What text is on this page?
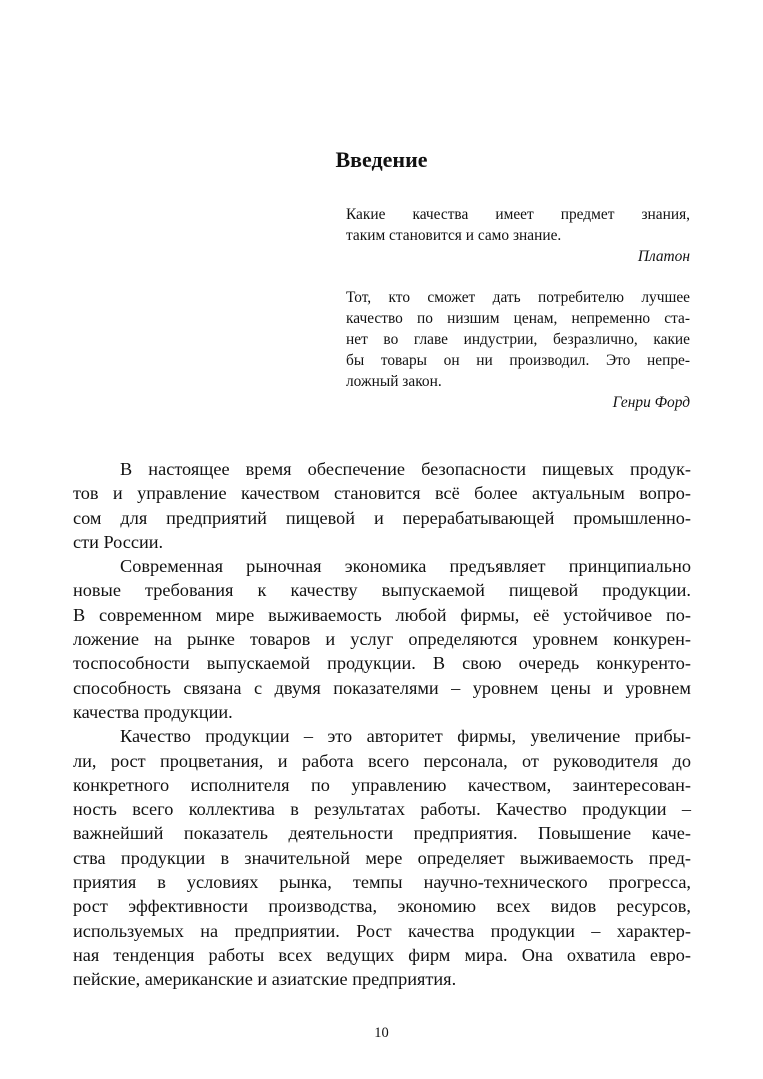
Введение
Какие качества имеет предмет знания,
таким становится и само знание.
Платон
Тот, кто сможет дать потребителю лучшее
качество по низшим ценам, непременно ста-
нет во главе индустрии, безразлично, какие
бы товары он ни производил. Это непре-
ложный закон.
Генри Форд
В настоящее время обеспечение безопасности пищевых продук-
тов и управление качеством становится всё более актуальным вопро-
сом для предприятий пищевой и перерабатывающей промышленно-
сти России.
Современная рыночная экономика предъявляет принципиально
новые требования к качеству выпускаемой пищевой продукции.
В современном мире выживаемость любой фирмы, её устойчивое по-
ложение на рынке товаров и услуг определяются уровнем конкурен-
тоспособности выпускаемой продукции. В свою очередь конкуренто-
способность связана с двумя показателями – уровнем цены и уровнем
качества продукции.
Качество продукции – это авторитет фирмы, увеличение прибы-
ли, рост процветания, и работа всего персонала, от руководителя до
конкретного исполнителя по управлению качеством, заинтересован-
ность всего коллектива в результатах работы. Качество продукции –
важнейший показатель деятельности предприятия. Повышение каче-
ства продукции в значительной мере определяет выживаемость пред-
приятия в условиях рынка, темпы научно-технического прогресса,
рост эффективности производства, экономию всех видов ресурсов,
используемых на предприятии. Рост качества продукции – характер-
ная тенденция работы всех ведущих фирм мира. Она охватила евро-
пейские, американские и азиатские предприятия.
10
